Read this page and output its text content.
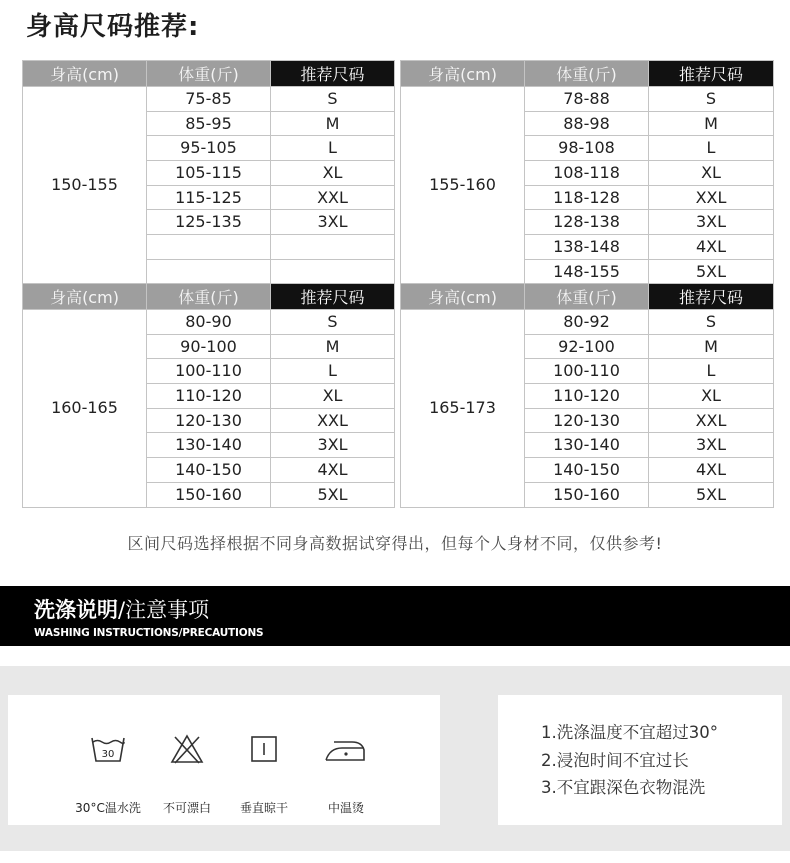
身高尺码推荐:
身高(cm)	体重(斤)	推荐尺码
150-155	75-85	S
	85-95	M
	95-105	L
	105-115	XL
	115-125	XXL
	125-135	3XL

身高(cm)	体重(斤)	推荐尺码
155-160	78-88	S
	88-98	M
	98-108	L
	108-118	XL
	118-128	XXL
	128-138	3XL
	138-148	4XL
	148-155	5XL
身高(cm)	体重(斤)	推荐尺码
160-165	80-90	S
	90-100	M
	100-110	L
	110-120	XL
	120-130	XXL
	130-140	3XL
	140-150	4XL
	150-160	5XL
身高(cm)	体重(斤)	推荐尺码
165-173	80-92	S
	92-100	M
	100-110	L
	110-120	XL
	120-130	XXL
	130-140	3XL
	140-150	4XL
	150-160	5XL
区间尺码选择根据不同身高数据试穿得出，但每个人身材不同，仅供参考!
洗涤说明/注意事项
WASHING INSTRUCTIONS/PRECAUTIONS
30
30°C温水洗	不可漂白	垂直晾干	中温烫
1.洗涤温度不宜超过30°
2.浸泡时间不宜过长
3.不宜跟深色衣物混洗
